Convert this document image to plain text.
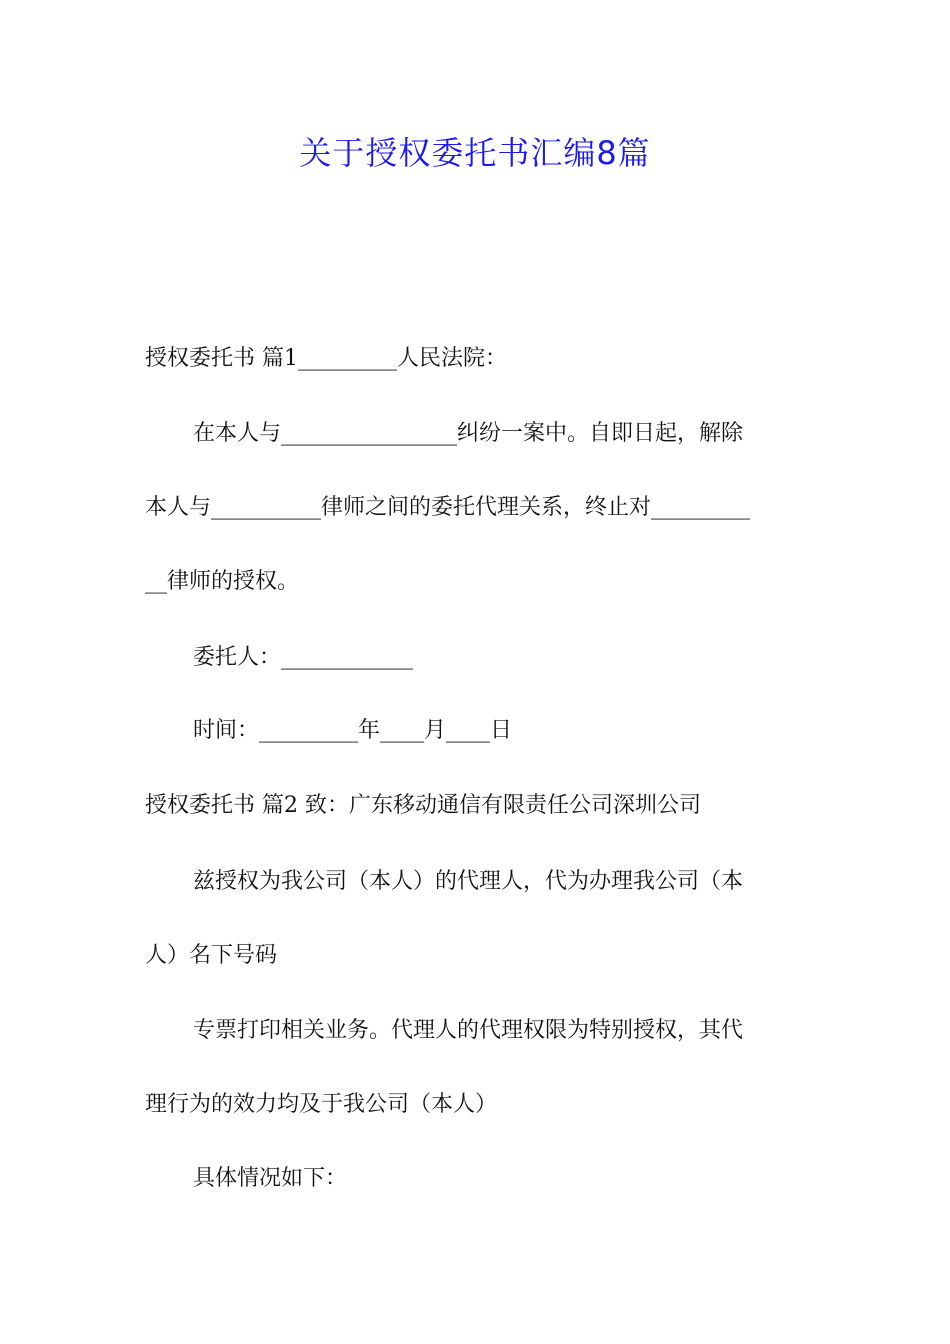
关于授权委托书汇编8篇
授权委托书 篇1_________人民法院：
在本人与________________纠纷一案中。自即日起，解除
本人与__________律师之间的委托代理关系，终止对_________
__律师的授权。
委托人：____________
时间：_________年____月____日
授权委托书 篇2 致：广东移动通信有限责任公司深圳公司
兹授权为我公司（本人）的代理人，代为办理我公司（本
人）名下号码
专票打印相关业务。代理人的代理权限为特别授权，其代
理行为的效力均及于我公司（本人）
具体情况如下：
